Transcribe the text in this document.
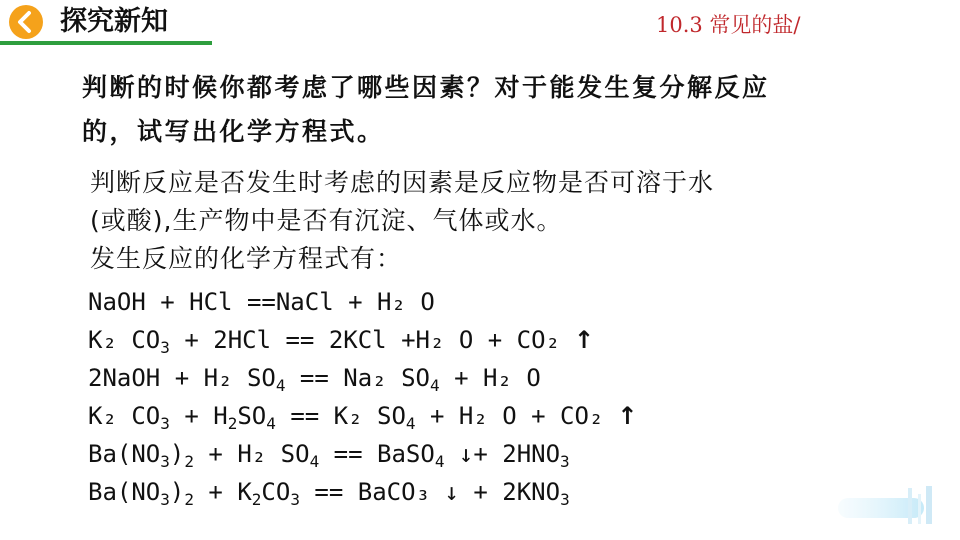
探究新知	10.3 常见的盐/
判断的时候你都考虑了哪些因素？对于能发生复分解反应
的，试写出化学方程式。
判断反应是否发生时考虑的因素是反应物是否可溶于水
(或酸),生产物中是否有沉淀、气体或水。
发生反应的化学方程式有：
NaOH + HCl ==NaCl + H₂ O
K₂ $CO_3 + 2HCl == 2KCl +H_2$ O + CO₂ ↑
2NaOH + H₂ $SO_4 == Na_2$ $SO_4 + H_2$ O
K₂ $CO_3 + H_2SO_4 == K_2$ $SO_4 + H_2$ O + CO₂ ↑
$Ba(NO_3)_2 + H_2$ $SO_4$ == BaSO$_4$ ↓+ $2HNO_3$
$Ba(NO_3)_2 + K_2CO_3$ == BaCO₃ ↓ + $2KNO_3$
